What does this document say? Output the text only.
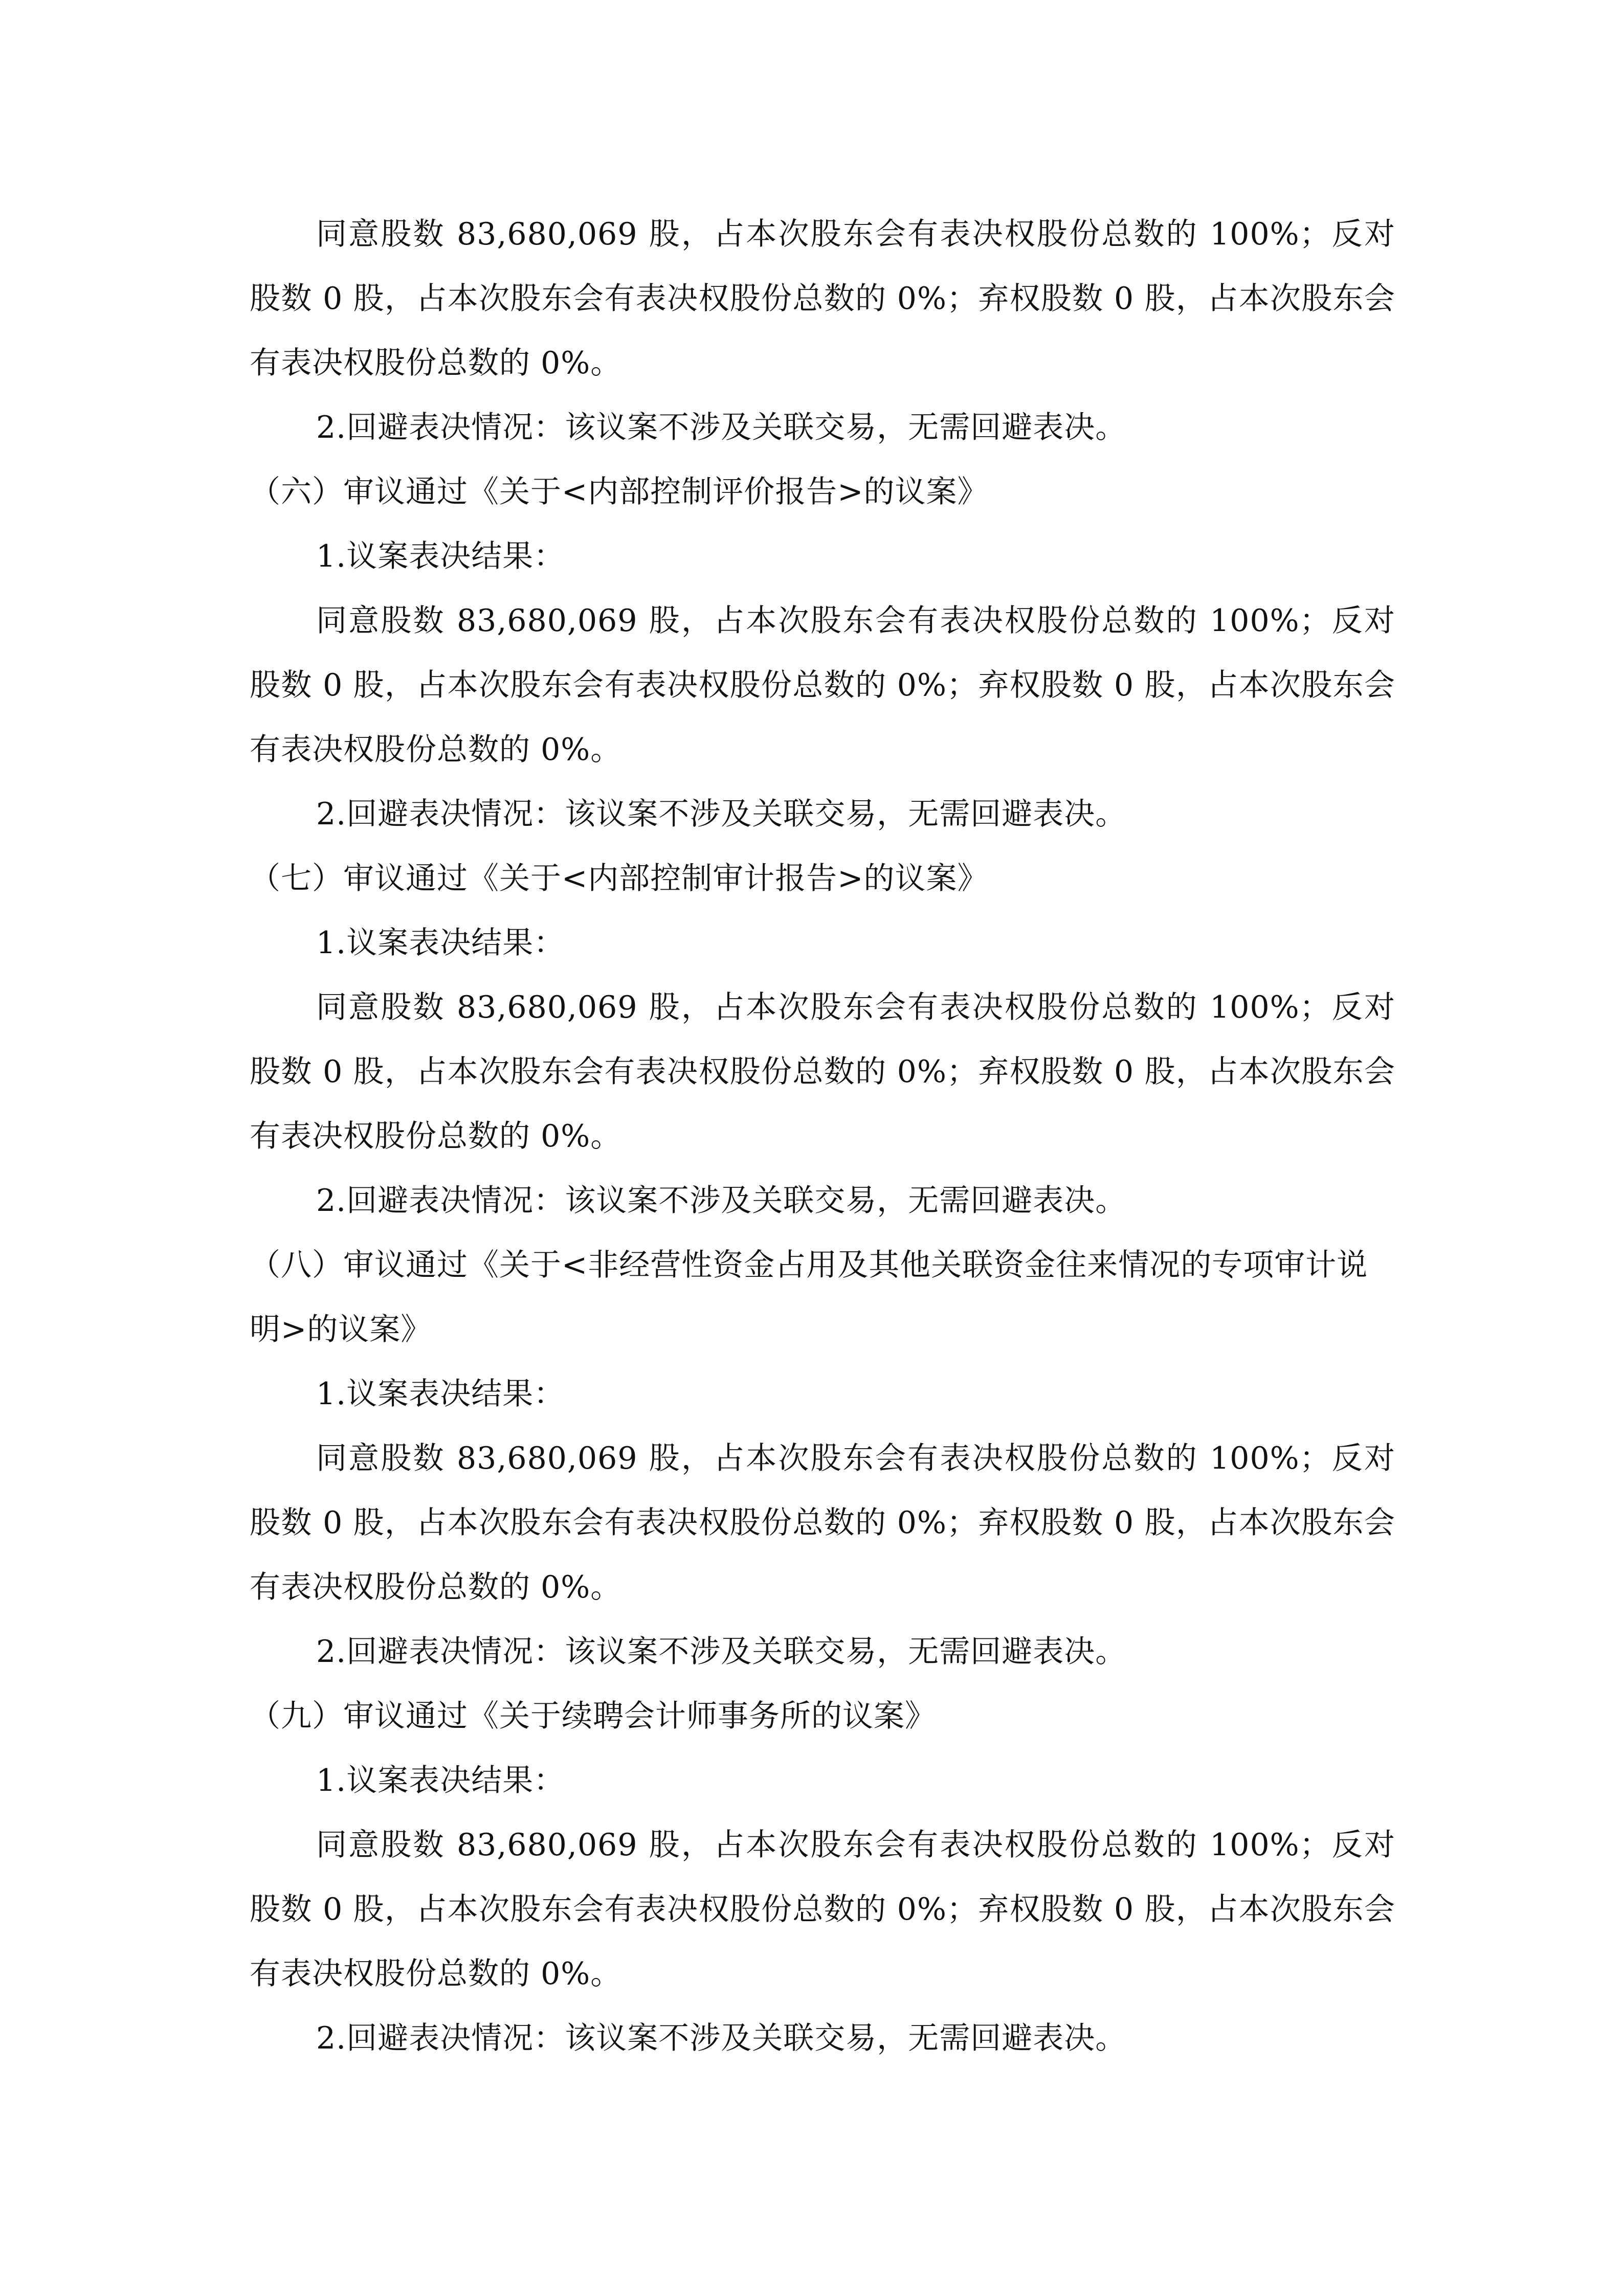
同意股数 83,680,069 股，占本次股东会有表决权股份总数的 100%；反对股数 0 股，占本次股东会有表决权股份总数的 0%；弃权股数 0 股，占本次股东会有表决权股份总数的 0%。
2.回避表决情况：该议案不涉及关联交易，无需回避表决。
（六）审议通过《关于<内部控制评价报告>的议案》
1.议案表决结果：
同意股数 83,680,069 股，占本次股东会有表决权股份总数的 100%；反对股数 0 股，占本次股东会有表决权股份总数的 0%；弃权股数 0 股，占本次股东会有表决权股份总数的 0%。
2.回避表决情况：该议案不涉及关联交易，无需回避表决。
（七）审议通过《关于<内部控制审计报告>的议案》
1.议案表决结果：
同意股数 83,680,069 股，占本次股东会有表决权股份总数的 100%；反对股数 0 股，占本次股东会有表决权股份总数的 0%；弃权股数 0 股，占本次股东会有表决权股份总数的 0%。
2.回避表决情况：该议案不涉及关联交易，无需回避表决。
（八）审议通过《关于<非经营性资金占用及其他关联资金往来情况的专项审计说明>的议案》
1.议案表决结果：
同意股数 83,680,069 股，占本次股东会有表决权股份总数的 100%；反对股数 0 股，占本次股东会有表决权股份总数的 0%；弃权股数 0 股，占本次股东会有表决权股份总数的 0%。
2.回避表决情况：该议案不涉及关联交易，无需回避表决。
（九）审议通过《关于续聘会计师事务所的议案》
1.议案表决结果：
同意股数 83,680,069 股，占本次股东会有表决权股份总数的 100%；反对股数 0 股，占本次股东会有表决权股份总数的 0%；弃权股数 0 股，占本次股东会有表决权股份总数的 0%。
2.回避表决情况：该议案不涉及关联交易，无需回避表决。
